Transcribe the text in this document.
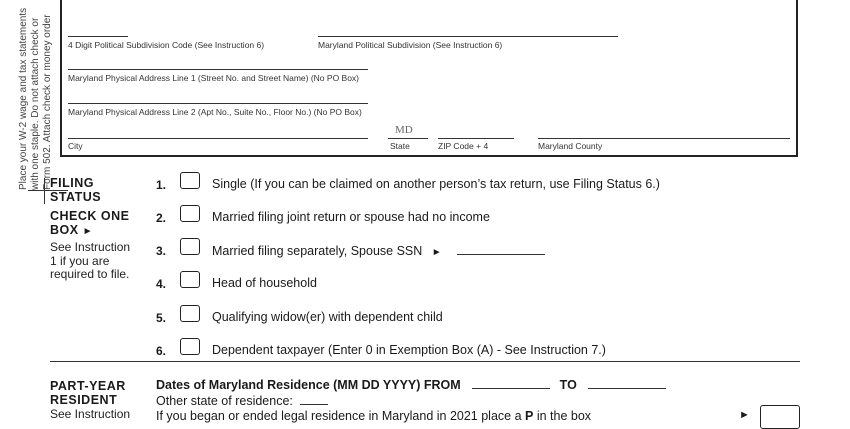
Place your W-2 wage and tax statements with one staple. Do not attach check or Form 502. Attach check or money order 4 Digit Political Subdivision Code (See Instruction 6)	Maryland Political Subdivision (See Instruction 6)
Maryland Physical Address Line 1 (Street No. and Street Name) (No PO Box)
Maryland Physical Address Line 2 (Apt No., Suite No., Floor No.) (No PO Box)
City
MD
State	ZIP Code + 4	Maryland County
FILING
STATUS
CHECK ONE
BOX ►
See Instruction
1 if you are
required to file.
1.	Single (If you can be claimed on another person’s tax return, use Filing Status 6.)
2.	Married filing joint return or spouse had no income
3.	Married filing separately, Spouse SSN ►
4.	Head of household
5.	Qualifying widow(er) with dependent child
6.	Dependent taxpayer (Enter 0 in Exemption Box (A) - See Instruction 7.)
PART-YEAR
RESIDENT
See Instruction
Dates of Maryland Residence (MM DD YYYY) FROM	TO
Other state of residence:
If you began or ended legal residence in Maryland in 2021 place a P in the box	►
